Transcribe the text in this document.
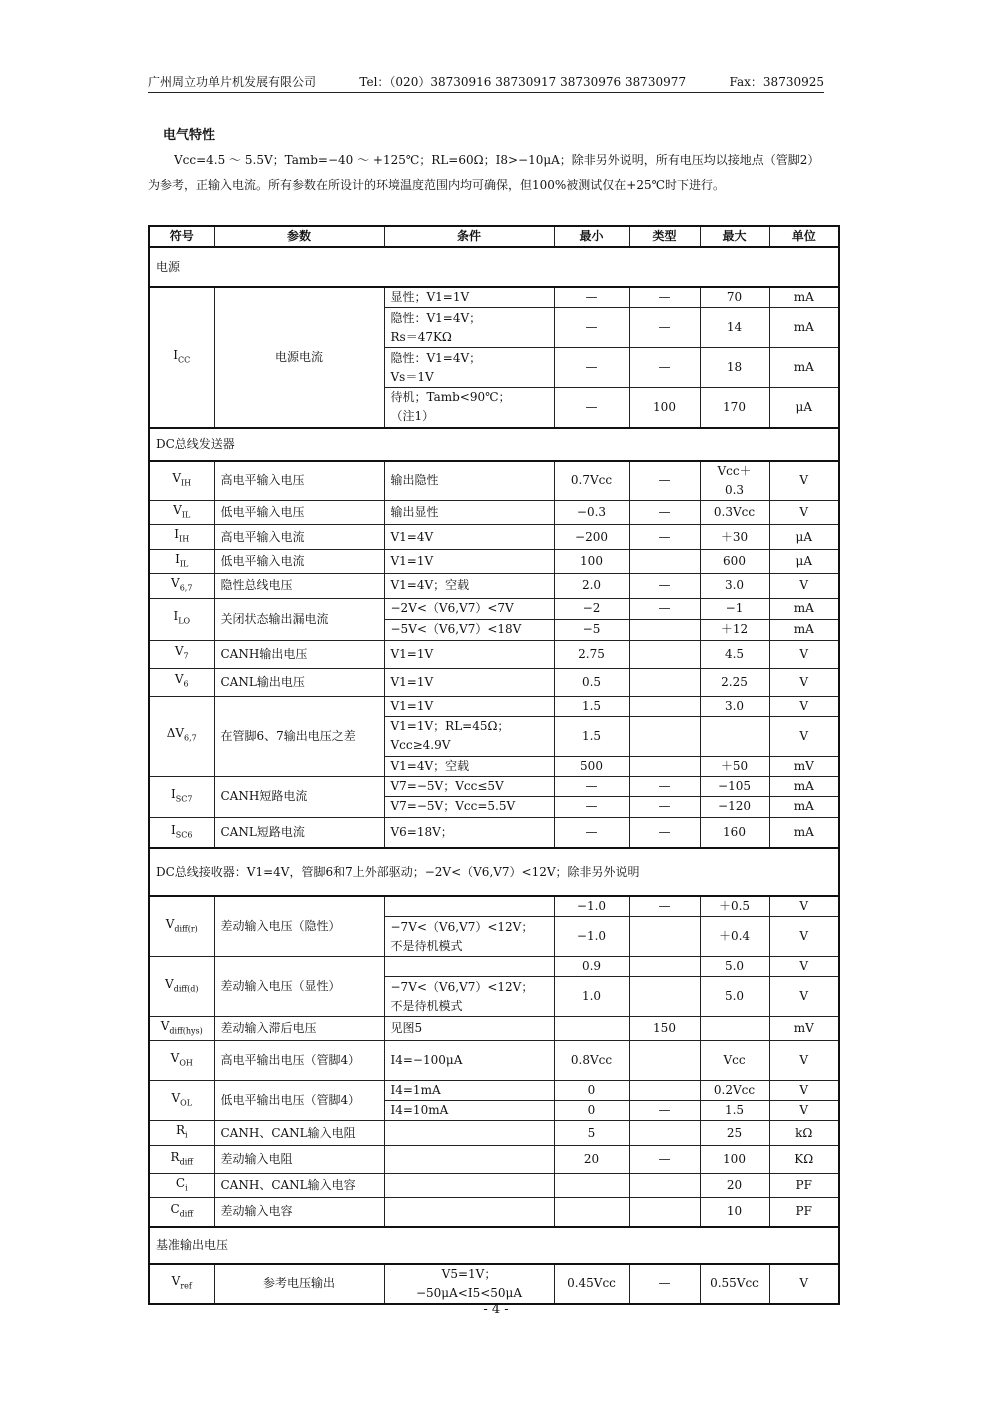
广州周立功单片机发展有限公司	Tel：（020）38730916 38730917 38730976 38730977	Fax：38730925
电气特性
Vcc=4.5 ～ 5.5V；Tamb=−40 ～ +125℃；RL=60Ω；I8>−10μA；除非另外说明，所有电压均以接地点（管脚2）为参考，正输入电流。所有参数在所设计的环境温度范围内均可确保，但100%被测试仅在+25℃时下进行。
符号	参数	条件	最小	类型	最大	单位
电源						
$I_{CC}$	电源电流	显性；V1=1V	—	—	70	mA
		隐性：V1=4V；
Rs＝47KΩ	—	—	14	mA
		隐性：V1=4V；
Vs＝1V	—	—	18	mA
		待机；Tamb<90℃；
（注1）	—	100	170	μA
DC总线发送器						
$V_{IH}$	高电平输入电压	输出隐性	0.7Vcc	—	Vcc＋
0.3	V
$V_{IL}$	低电平输入电压	输出显性	−0.3	—	0.3Vcc	V
$I_{IH}$	高电平输入电流	V1=4V	−200	—	＋30	μA
$I_{IL}$	低电平输入电流	V1=1V	100		600	μA
$V_{6,7}$	隐性总线电压	V1=4V；空载	2.0	—	3.0	V
$I_{LO}$	关闭状态输出漏电流	−2V<（V6,V7）<7V	−2	—	−1	mA
		−5V<（V6,V7）<18V	−5		＋12	mA
$V_7$	CANH输出电压	V1=1V	2.75		4.5	V
$V_6$	CANL输出电压	V1=1V	0.5		2.25	V
$\Delta V_{6,7}$	在管脚6、7输出电压之差	V1=1V	1.5		3.0	V
		V1=1V；RL=45Ω；
Vcc≥4.9V	1.5			V
		V1=4V；空载	500		＋50	mV
$I_{SC7}$	CANH短路电流	V7=−5V；Vcc≤5V	—	—	−105	mA
		V7=−5V；Vcc=5.5V	—	—	−120	mA
$I_{SC6}$	CANL短路电流	V6=18V；	—	—	160	mA
DC总线接收器：V1=4V，管脚6和7上外部驱动；−2V<（V6,V7）<12V；除非另外说明						
$V_{diff(r)}$	差动输入电压（隐性）		−1.0	—	＋0.5	V
		−7V<（V6,V7）<12V；
不是待机模式	−1.0		＋0.4	V
$V_{diff(d)}$	差动输入电压（显性）		0.9		5.0	V
		−7V<（V6,V7）<12V；
不是待机模式	1.0		5.0	V
$V_{diff(hys)}$	差动输入滞后电压	见图5		150		mV
$V_{OH}$	高电平输出电压（管脚4）	I4=−100μA	0.8Vcc		Vcc	V
$V_{OL}$	低电平输出电压（管脚4）	I4=1mA	0		0.2Vcc	V
		I4=10mA	0	—	1.5	V
$R_i$	CANH、CANL输入电阻		5		25	kΩ
$R_{diff}$	差动输入电阻		20	—	100	KΩ
$C_i$	CANH、CANL输入电容				20	PF
$C_{diff}$	差动输入电容				10	PF
基准输出电压						
$V_{ref}$	参考电压输出	V5=1V；
−50μA<I5<50μA	0.45Vcc	—	0.55Vcc	V
- 4 -
